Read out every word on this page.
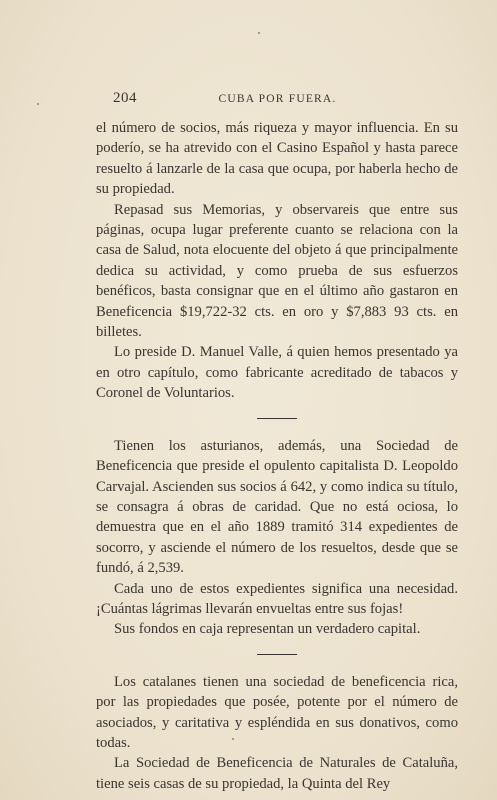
204	CUBA POR FUERA.

el número de socios, más riqueza y mayor influencia. En su poderío, se ha atrevido con el Casino Español y hasta parece resuelto á lanzarle de la casa que ocupa, por haberla hecho de su propiedad.

Repasad sus Memorias, y observareis que entre sus páginas, ocupa lugar preferente cuanto se relaciona con la casa de Salud, nota elocuente del objeto á que principalmente dedica su actividad, y como prueba de sus esfuerzos benéficos, basta consignar que en el último año gastaron en Beneficencia $19,722-32 cts. en oro y $7,883 93 cts. en billetes.

Lo preside D. Manuel Valle, á quien hemos presentado ya en otro capítulo, como fabricante acreditado de tabacos y Coronel de Voluntarios.

Tienen los asturianos, además, una Sociedad de Beneficencia que preside el opulento capitalista D. Leopoldo Carvajal. Ascienden sus socios á 642, y como indica su título, se consagra á obras de caridad. Que no está ociosa, lo demuestra que en el año 1889 tramitó 314 expedientes de socorro, y asciende el número de los resueltos, desde que se fundó, á 2,539.

Cada uno de estos expedientes significa una necesidad. ¡Cuántas lágrimas llevarán envueltas entre sus fojas!

Sus fondos en caja representan un verdadero capital.

Los catalanes tienen una sociedad de beneficencia rica, por las propiedades que posée, potente por el número de asociados, y caritativa y espléndida en sus donativos, como todas.

La Sociedad de Beneficencia de Naturales de Cataluña, tiene seis casas de su propiedad, la Quinta del Rey
